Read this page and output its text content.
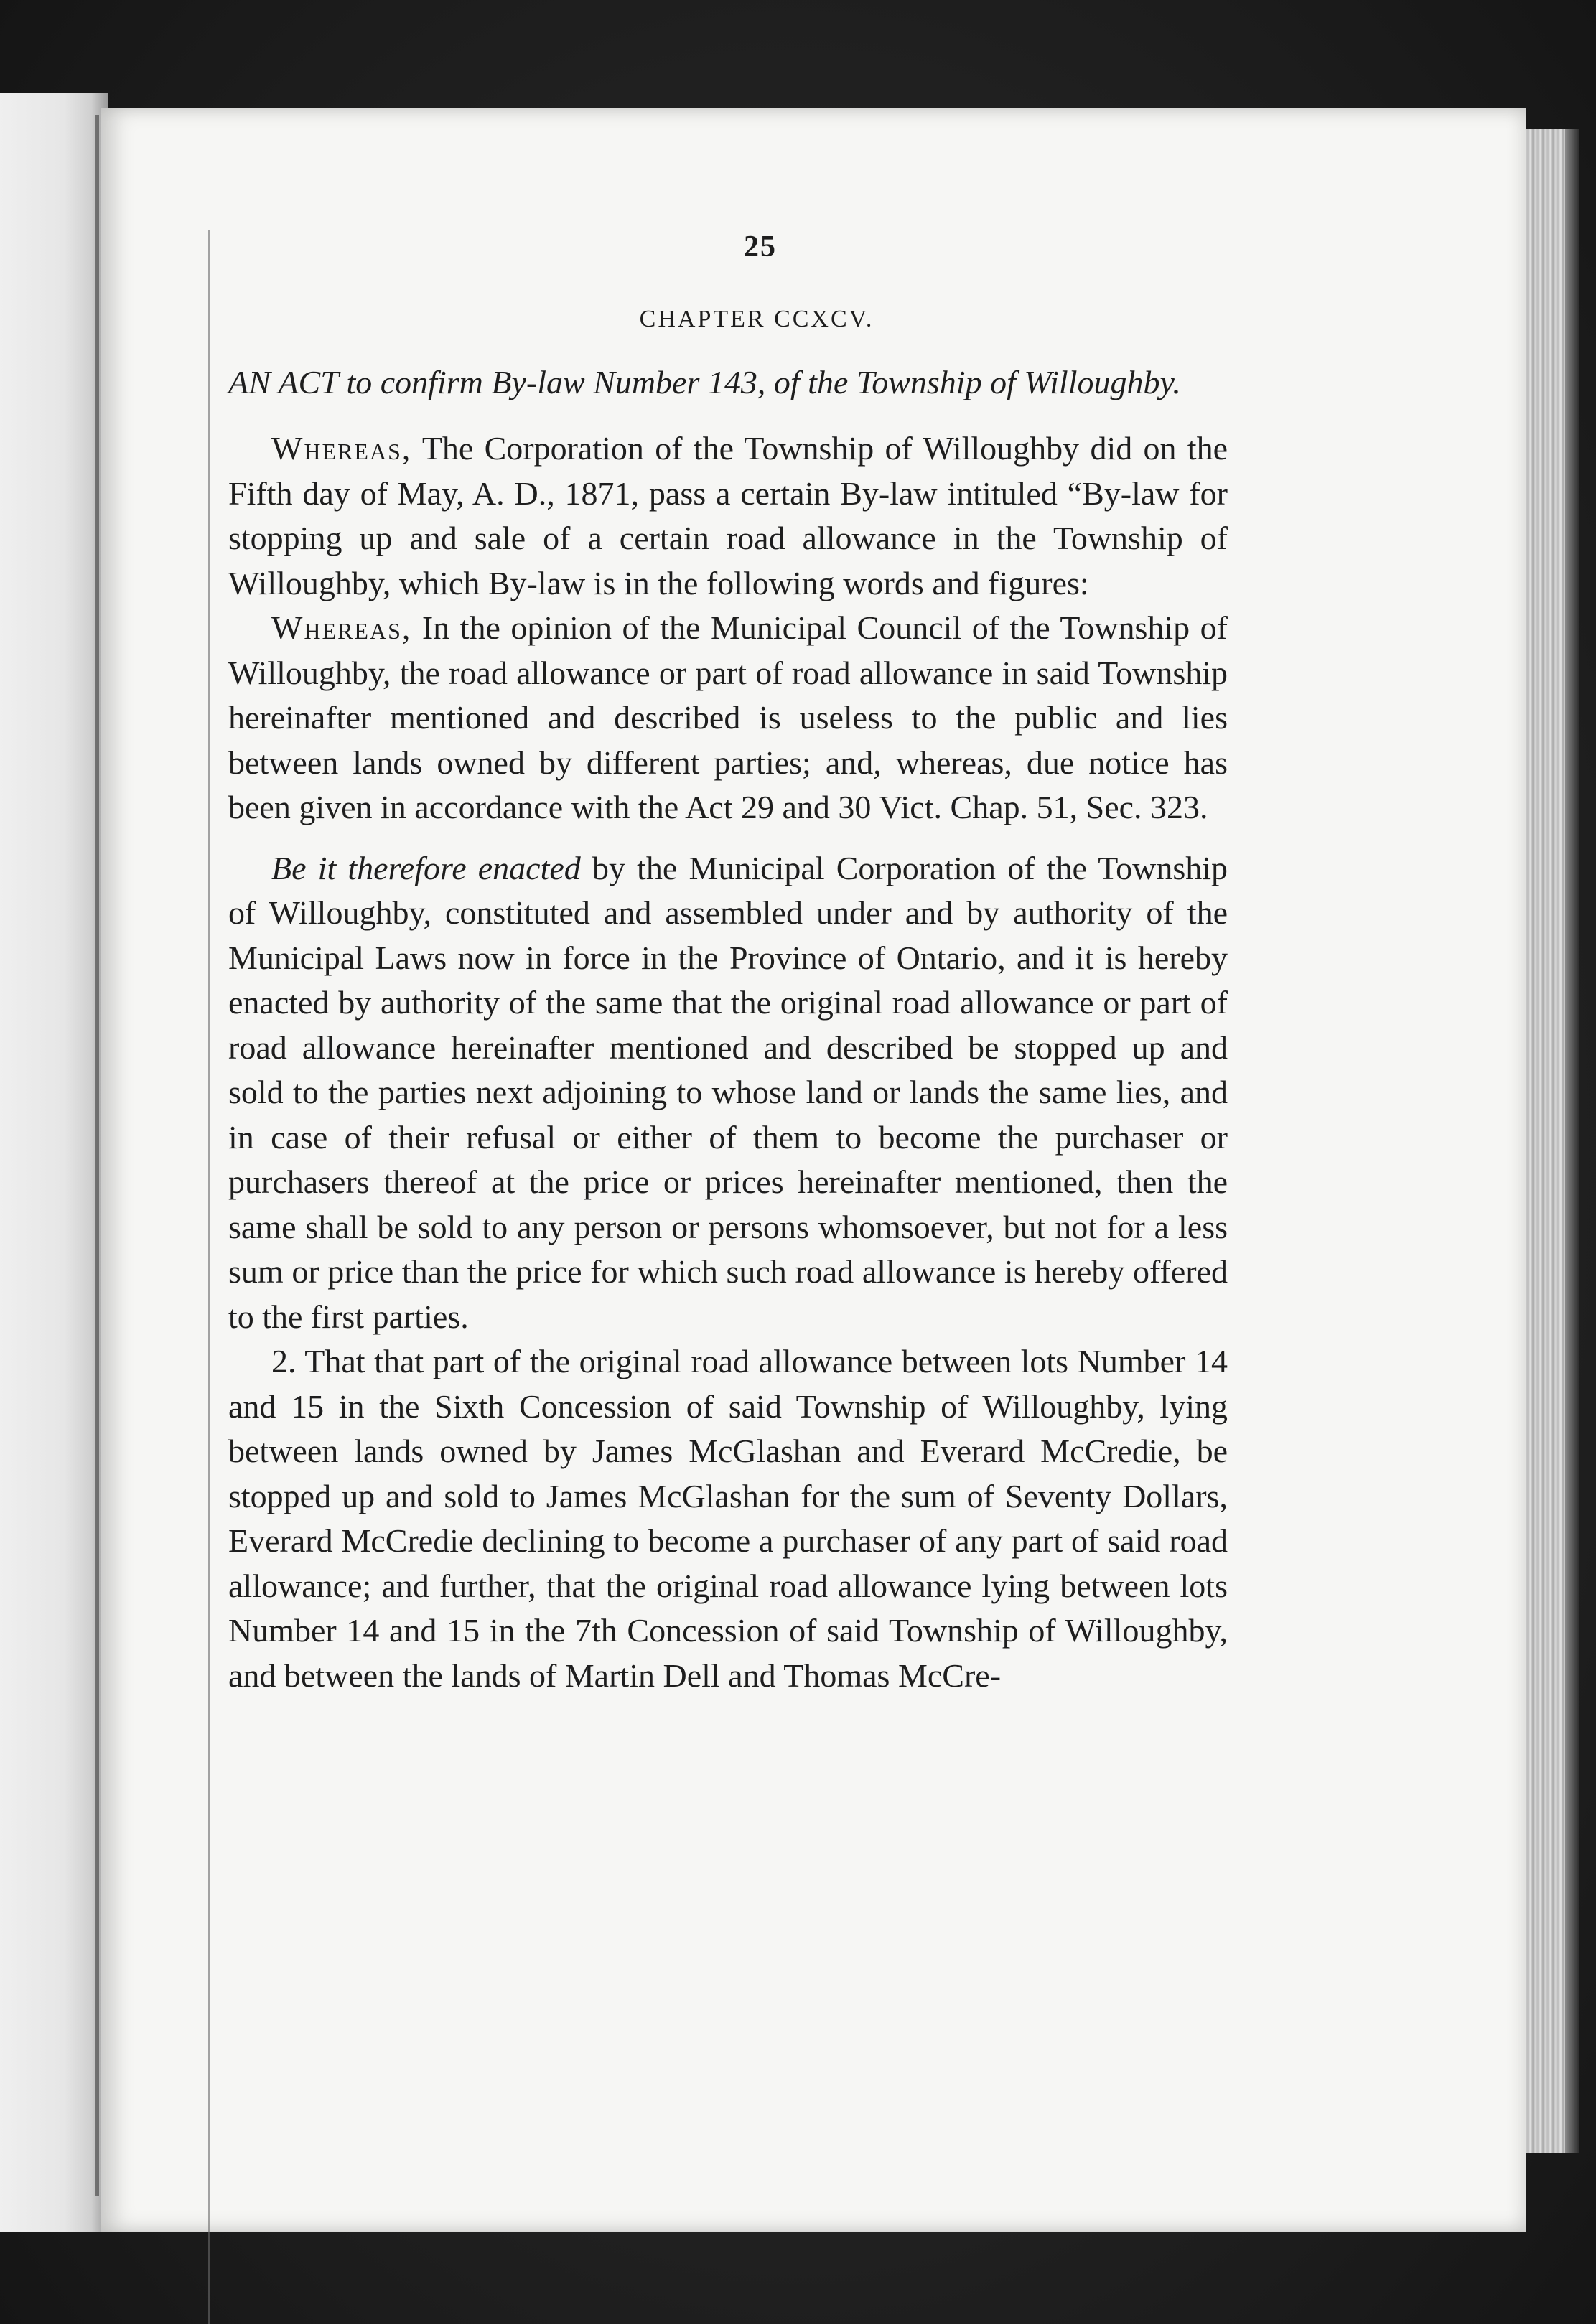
25
CHAPTER CCXCV.
AN ACT to confirm By-law Number 143, of the Township of Willoughby.

Whereas, The Corporation of the Township of Willoughby did on the Fifth day of May, A. D., 1871, pass a certain By-law intituled “By-law for stopping up and sale of a certain road allowance in the Township of Willoughby, which By-law is in the following words and figures:

Whereas, In the opinion of the Municipal Council of the Township of Willoughby, the road allowance or part of road allowance in said Township hereinafter mentioned and described is useless to the public and lies between lands owned by different parties; and, whereas, due notice has been given in accordance with the Act 29 and 30 Vict. Chap. 51, Sec. 323.

Be it therefore enacted by the Municipal Corporation of the Township of Willoughby, constituted and assembled under and by authority of the Municipal Laws now in force in the Province of Ontario, and it is hereby enacted by authority of the same that the original road allowance or part of road allowance hereinafter mentioned and described be stopped up and sold to the parties next adjoining to whose land or lands the same lies, and in case of their refusal or either of them to become the purchaser or purchasers thereof at the price or prices hereinafter mentioned, then the same shall be sold to any person or persons whomsoever, but not for a less sum or price than the price for which such road allowance is hereby offered to the first parties.

2. That that part of the original road allowance between lots Number 14 and 15 in the Sixth Concession of said Township of Willoughby, lying between lands owned by James McGlashan and Everard McCredie, be stopped up and sold to James McGlashan for the sum of Seventy Dollars, Everard McCredie declining to become a purchaser of any part of said road allowance; and further, that the original road allowance lying between lots Number 14 and 15 in the 7th Concession of said Township of Willoughby, and between the lands of Martin Dell and Thomas McCre-
